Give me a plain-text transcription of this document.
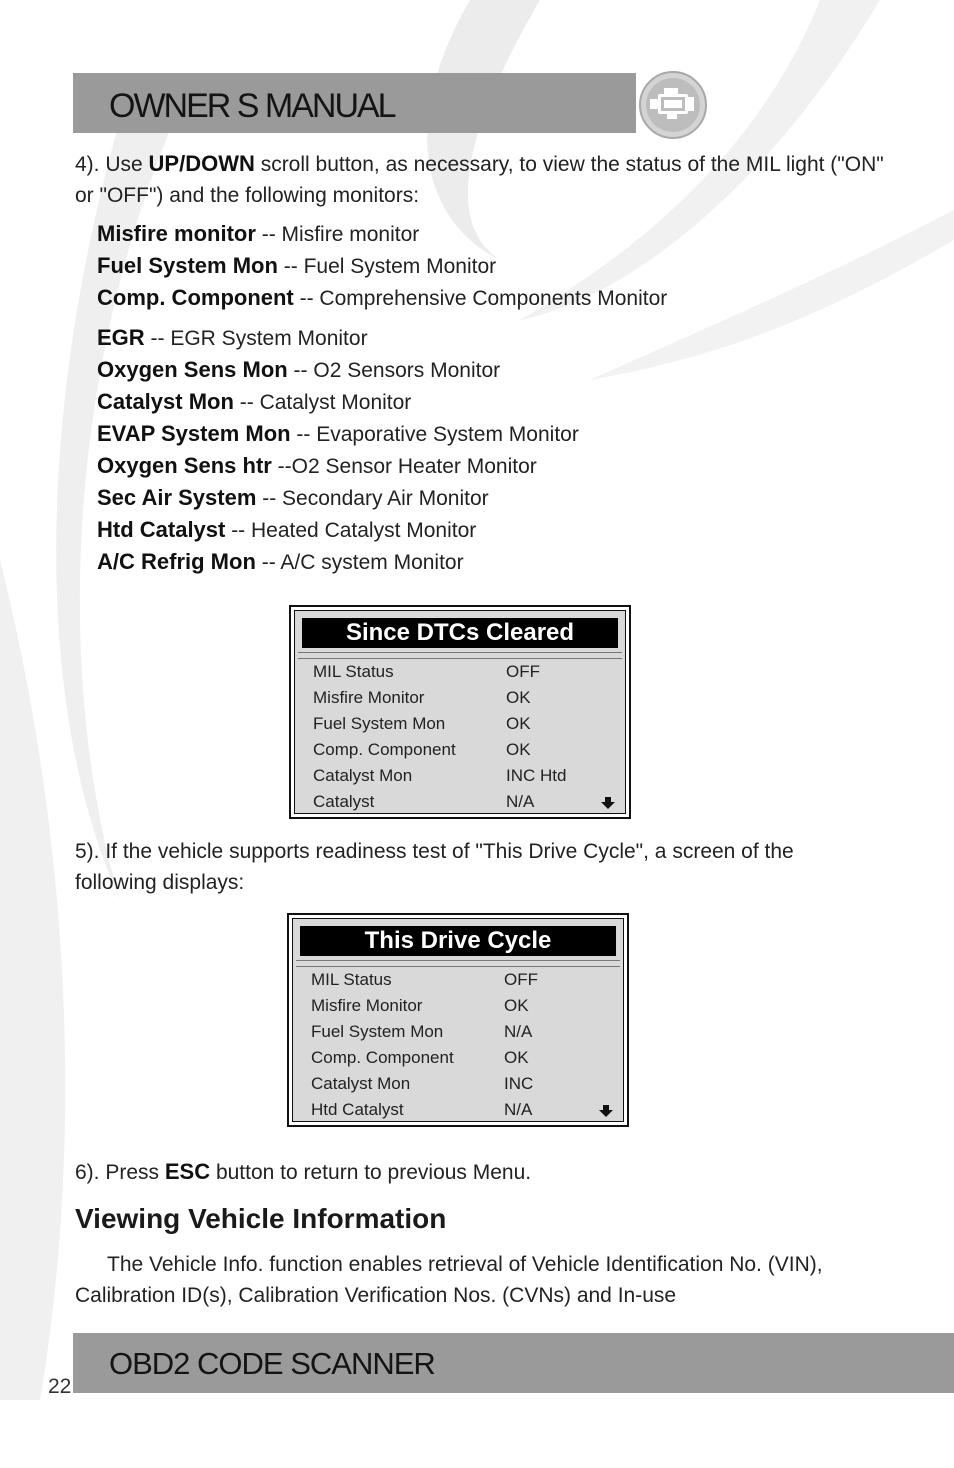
OWNER S MANUAL
4). Use UP/DOWN scroll button, as necessary, to view the status of the MIL light ("ON" or "OFF") and the following monitors:
Misfire monitor -- Misfire monitor
Fuel System Mon -- Fuel System Monitor
Comp. Component -- Comprehensive Components Monitor
EGR -- EGR System Monitor
Oxygen Sens Mon -- O2 Sensors Monitor
Catalyst Mon -- Catalyst Monitor
EVAP System Mon -- Evaporative System Monitor
Oxygen Sens htr --O2 Sensor Heater Monitor
Sec Air System -- Secondary Air Monitor
Htd Catalyst -- Heated Catalyst Monitor
A/C Refrig Mon -- A/C system Monitor
Since DTCs Cleared
MIL Status	OFF
Misfire Monitor	OK
Fuel System Mon	OK
Comp. Component	OK
Catalyst Mon	INC Htd
Catalyst	N/A
5). If the vehicle supports readiness test of "This Drive Cycle", a screen of the following displays:
This Drive Cycle
MIL Status	OFF
Misfire Monitor	OK
Fuel System Mon	N/A
Comp. Component	OK
Catalyst Mon	INC
Htd Catalyst	N/A
6). Press ESC button to return to previous Menu.
Viewing Vehicle Information
The Vehicle Info. function enables retrieval of Vehicle Identification No. (VIN), Calibration ID(s), Calibration Verification Nos. (CVNs) and In-use
OBD2 CODE SCANNER
22
